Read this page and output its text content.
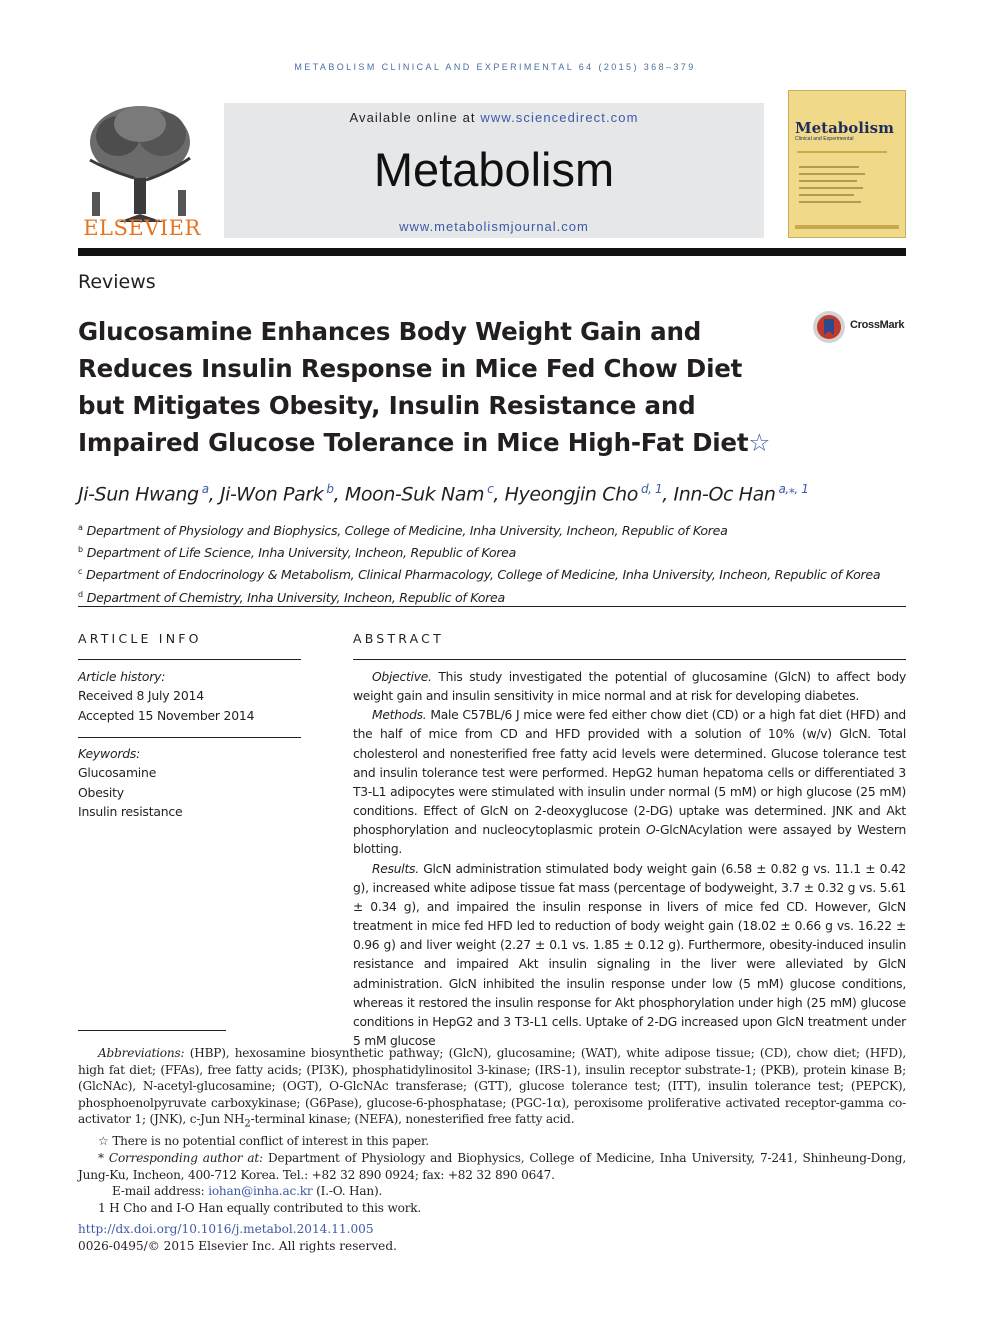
METABOLISM CLINICAL AND EXPERIMENTAL 64 (2015) 368–379
ELSEVIER
Available online at www.sciencedirect.com
Metabolism
www.metabolismjournal.com
Metabolism
Clinical and Experimental
Reviews
Glucosamine Enhances Body Weight Gain and
Reduces Insulin Response in Mice Fed Chow Diet
but Mitigates Obesity, Insulin Resistance and
Impaired Glucose Tolerance in Mice High-Fat Diet☆
CrossMark
Ji-Sun Hwang $^a$, Ji-Won Park $^b$, Moon-Suk Nam $^c$, Hyeongjin Cho $^{d, 1}$, Inn-Oc Han $^{a,⁎, 1}$
$^a$ Department of Physiology and Biophysics, College of Medicine, Inha University, Incheon, Republic of Korea
$^b$ Department of Life Science, Inha University, Incheon, Republic of Korea
$^c$ Department of Endocrinology & Metabolism, Clinical Pharmacology, College of Medicine, Inha University, Incheon, Republic of Korea
$^d$ Department of Chemistry, Inha University, Incheon, Republic of Korea
ARTICLE INFO
Article history:
Received 8 July 2014
Accepted 15 November 2014
Keywords:
Glucosamine
Obesity
Insulin resistance
ABSTRACT

Objective. This study investigated the potential of glucosamine (GlcN) to affect body weight gain and insulin sensitivity in mice normal and at risk for developing diabetes.

Methods. Male C57BL/6 J mice were fed either chow diet (CD) or a high fat diet (HFD) and the half of mice from CD and HFD provided with a solution of 10% (w/v) GlcN. Total cholesterol and nonesterified free fatty acid levels were determined. Glucose tolerance test and insulin tolerance test were performed. HepG2 human hepatoma cells or differentiated 3 T3-L1 adipocytes were stimulated with insulin under normal (5 mM) or high glucose (25 mM) conditions. Effect of GlcN on 2-deoxyglucose (2-DG) uptake was determined. JNK and Akt phosphorylation and nucleocytoplasmic protein O-GlcNAcylation were assayed by Western blotting.

Results. GlcN administration stimulated body weight gain (6.58 ± 0.82 g vs. 11.1 ± 0.42 g), increased white adipose tissue fat mass (percentage of bodyweight, 3.7 ± 0.32 g vs. 5.61 ± 0.34 g), and impaired the insulin response in livers of mice fed CD. However, GlcN treatment in mice fed HFD led to reduction of body weight gain (18.02 ± 0.66 g vs. 16.22 ± 0.96 g) and liver weight (2.27 ± 0.1 vs. 1.85 ± 0.12 g). Furthermore, obesity-induced insulin resistance and impaired Akt insulin signaling in the liver were alleviated by GlcN administration. GlcN inhibited the insulin response under low (5 mM) glucose conditions, whereas it restored the insulin response for Akt phosphorylation under high (25 mM) glucose conditions in HepG2 and 3 T3-L1 cells. Uptake of 2-DG increased upon GlcN treatment under 5 mM glucose

Abbreviations: (HBP), hexosamine biosynthetic pathway; (GlcN), glucosamine; (WAT), white adipose tissue; (CD), chow diet; (HFD), high fat diet; (FFAs), free fatty acids; (PI3K), phosphatidylinositol 3-kinase; (IRS-1), insulin receptor substrate-1; (PKB), protein kinase B; (GlcNAc), N-acetyl-glucosamine; (OGT), O-GlcNAc transferase; (GTT), glucose tolerance test; (ITT), insulin tolerance test; (PEPCK), phosphoenolpyruvate carboxykinase; (G6Pase), glucose-6-phosphatase; (PGC-1α), peroxisome proliferative activated receptor-gamma co-activator 1; (JNK), c-Jun $NH_2$-terminal kinase; (NEFA), nonesterified free fatty acid.

☆ There is no potential conflict of interest in this paper.

* Corresponding author at: Department of Physiology and Biophysics, College of Medicine, Inha University, 7-241, Shinheung-Dong, Jung-Ku, Incheon, 400-712 Korea. Tel.: +82 32 890 0924; fax: +82 32 890 0647.

E-mail address: iohan@inha.ac.kr (I.-O. Han).

1 H Cho and I-O Han equally contributed to this work.

http://dx.doi.org/10.1016/j.metabol.2014.11.005
0026-0495/© 2015 Elsevier Inc. All rights reserved.
